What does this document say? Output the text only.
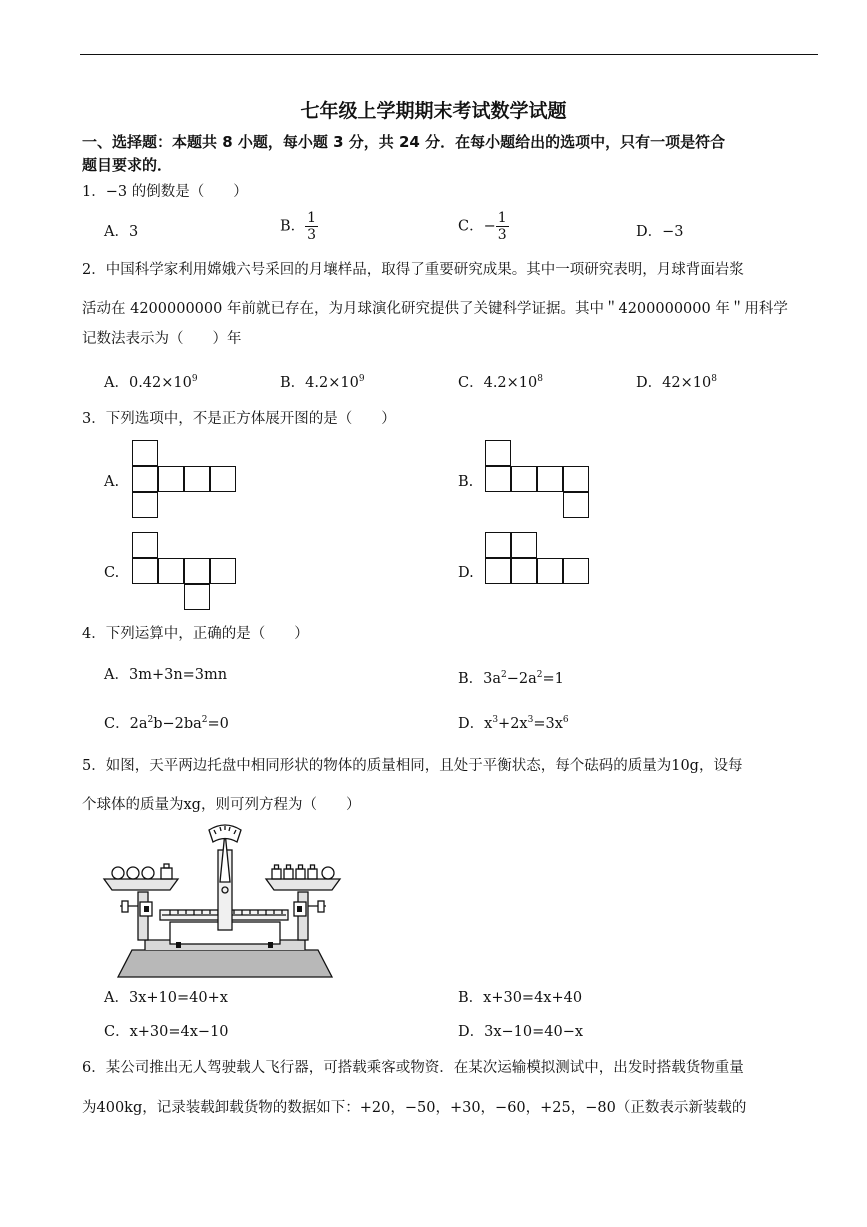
七年级上学期期末考试数学试题
一、选择题：本题共 8 小题，每小题 3 分，共 24 分．在每小题给出的选项中，只有一项是符合
题目要求的．
1．−3 的倒数是（　　）
A．3	B． $\frac{1}{3}$	C．− $\frac{1}{3}$	D．−3
2．中国科学家利用嫦娥六号采回的月壤样品，取得了重要研究成果。其中一项研究表明，月球背面岩浆
活动在 4200000000 年前就已存在，为月球演化研究提供了关键科学证据。其中＂4200000000 年＂用科学
记数法表示为（　　）年
A．$0.42\times 10^9$	B．$4.2\times 10^9$	C．$4.2\times 10^8$	D．$42\times 10^8$
3．下列选项中，不是正方体展开图的是（　　）
A.	B.
C.	D.
4．下列运算中，正确的是（　　）
A．3m+3n=3mn	B．$3a^2-2a^2=1$
C．$2a^2b-2ba^2=0$	D．$x^3+2x^3=3x^6$
5．如图，天平两边托盘中相同形状的物体的质量相同，且处于平衡状态，每个砝码的质量为10g，设每
个球体的质量为xg，则可列方程为（　　）
A．3x+10=40+x	B．x+30=4x+40
C．x+30=4x−10	D．3x−10=40−x
6．某公司推出无人驾驶载人飞行器，可搭载乘客或物资．在某次运输模拟测试中，出发时搭载货物重量
为400kg，记录装载卸载货物的数据如下：+20，−50，+30，−60，+25，−80（正数表示新装载的
